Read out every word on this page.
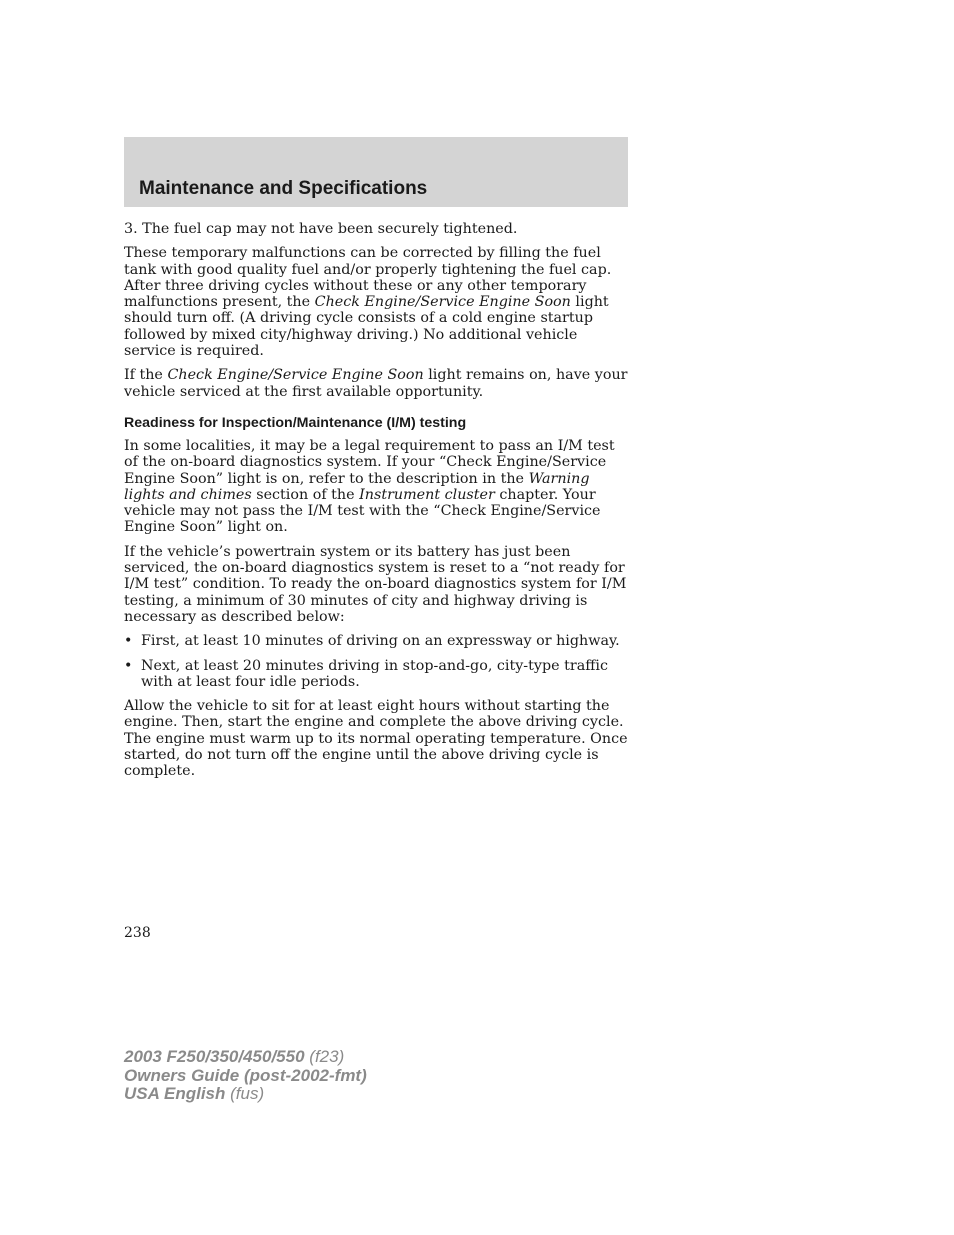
Maintenance and Specifications

3. The fuel cap may not have been securely tightened.

These temporary malfunctions can be corrected by filling the fuel tank with good quality fuel and/or properly tightening the fuel cap. After three driving cycles without these or any other temporary malfunctions present, the Check Engine/Service Engine Soon light should turn off. (A driving cycle consists of a cold engine startup followed by mixed city/highway driving.) No additional vehicle service is required.

If the Check Engine/Service Engine Soon light remains on, have your vehicle serviced at the first available opportunity.

Readiness for Inspection/Maintenance (I/M) testing

In some localities, it may be a legal requirement to pass an I/M test of the on-board diagnostics system. If your “Check Engine/Service Engine Soon” light is on, refer to the description in the Warning lights and chimes section of the Instrument cluster chapter. Your vehicle may not pass the I/M test with the “Check Engine/Service Engine Soon” light on.

If the vehicle’s powertrain system or its battery has just been serviced, the on-board diagnostics system is reset to a “not ready for I/M test” condition. To ready the on-board diagnostics system for I/M testing, a minimum of 30 minutes of city and highway driving is necessary as described below:

• First, at least 10 minutes of driving on an expressway or highway.
• Next, at least 20 minutes driving in stop-and-go, city-type traffic with at least four idle periods.

Allow the vehicle to sit for at least eight hours without starting the engine. Then, start the engine and complete the above driving cycle. The engine must warm up to its normal operating temperature. Once started, do not turn off the engine until the above driving cycle is complete.

238
2003 F250/350/450/550 (f23)
Owners Guide (post-2002-fmt)
USA English (fus)
